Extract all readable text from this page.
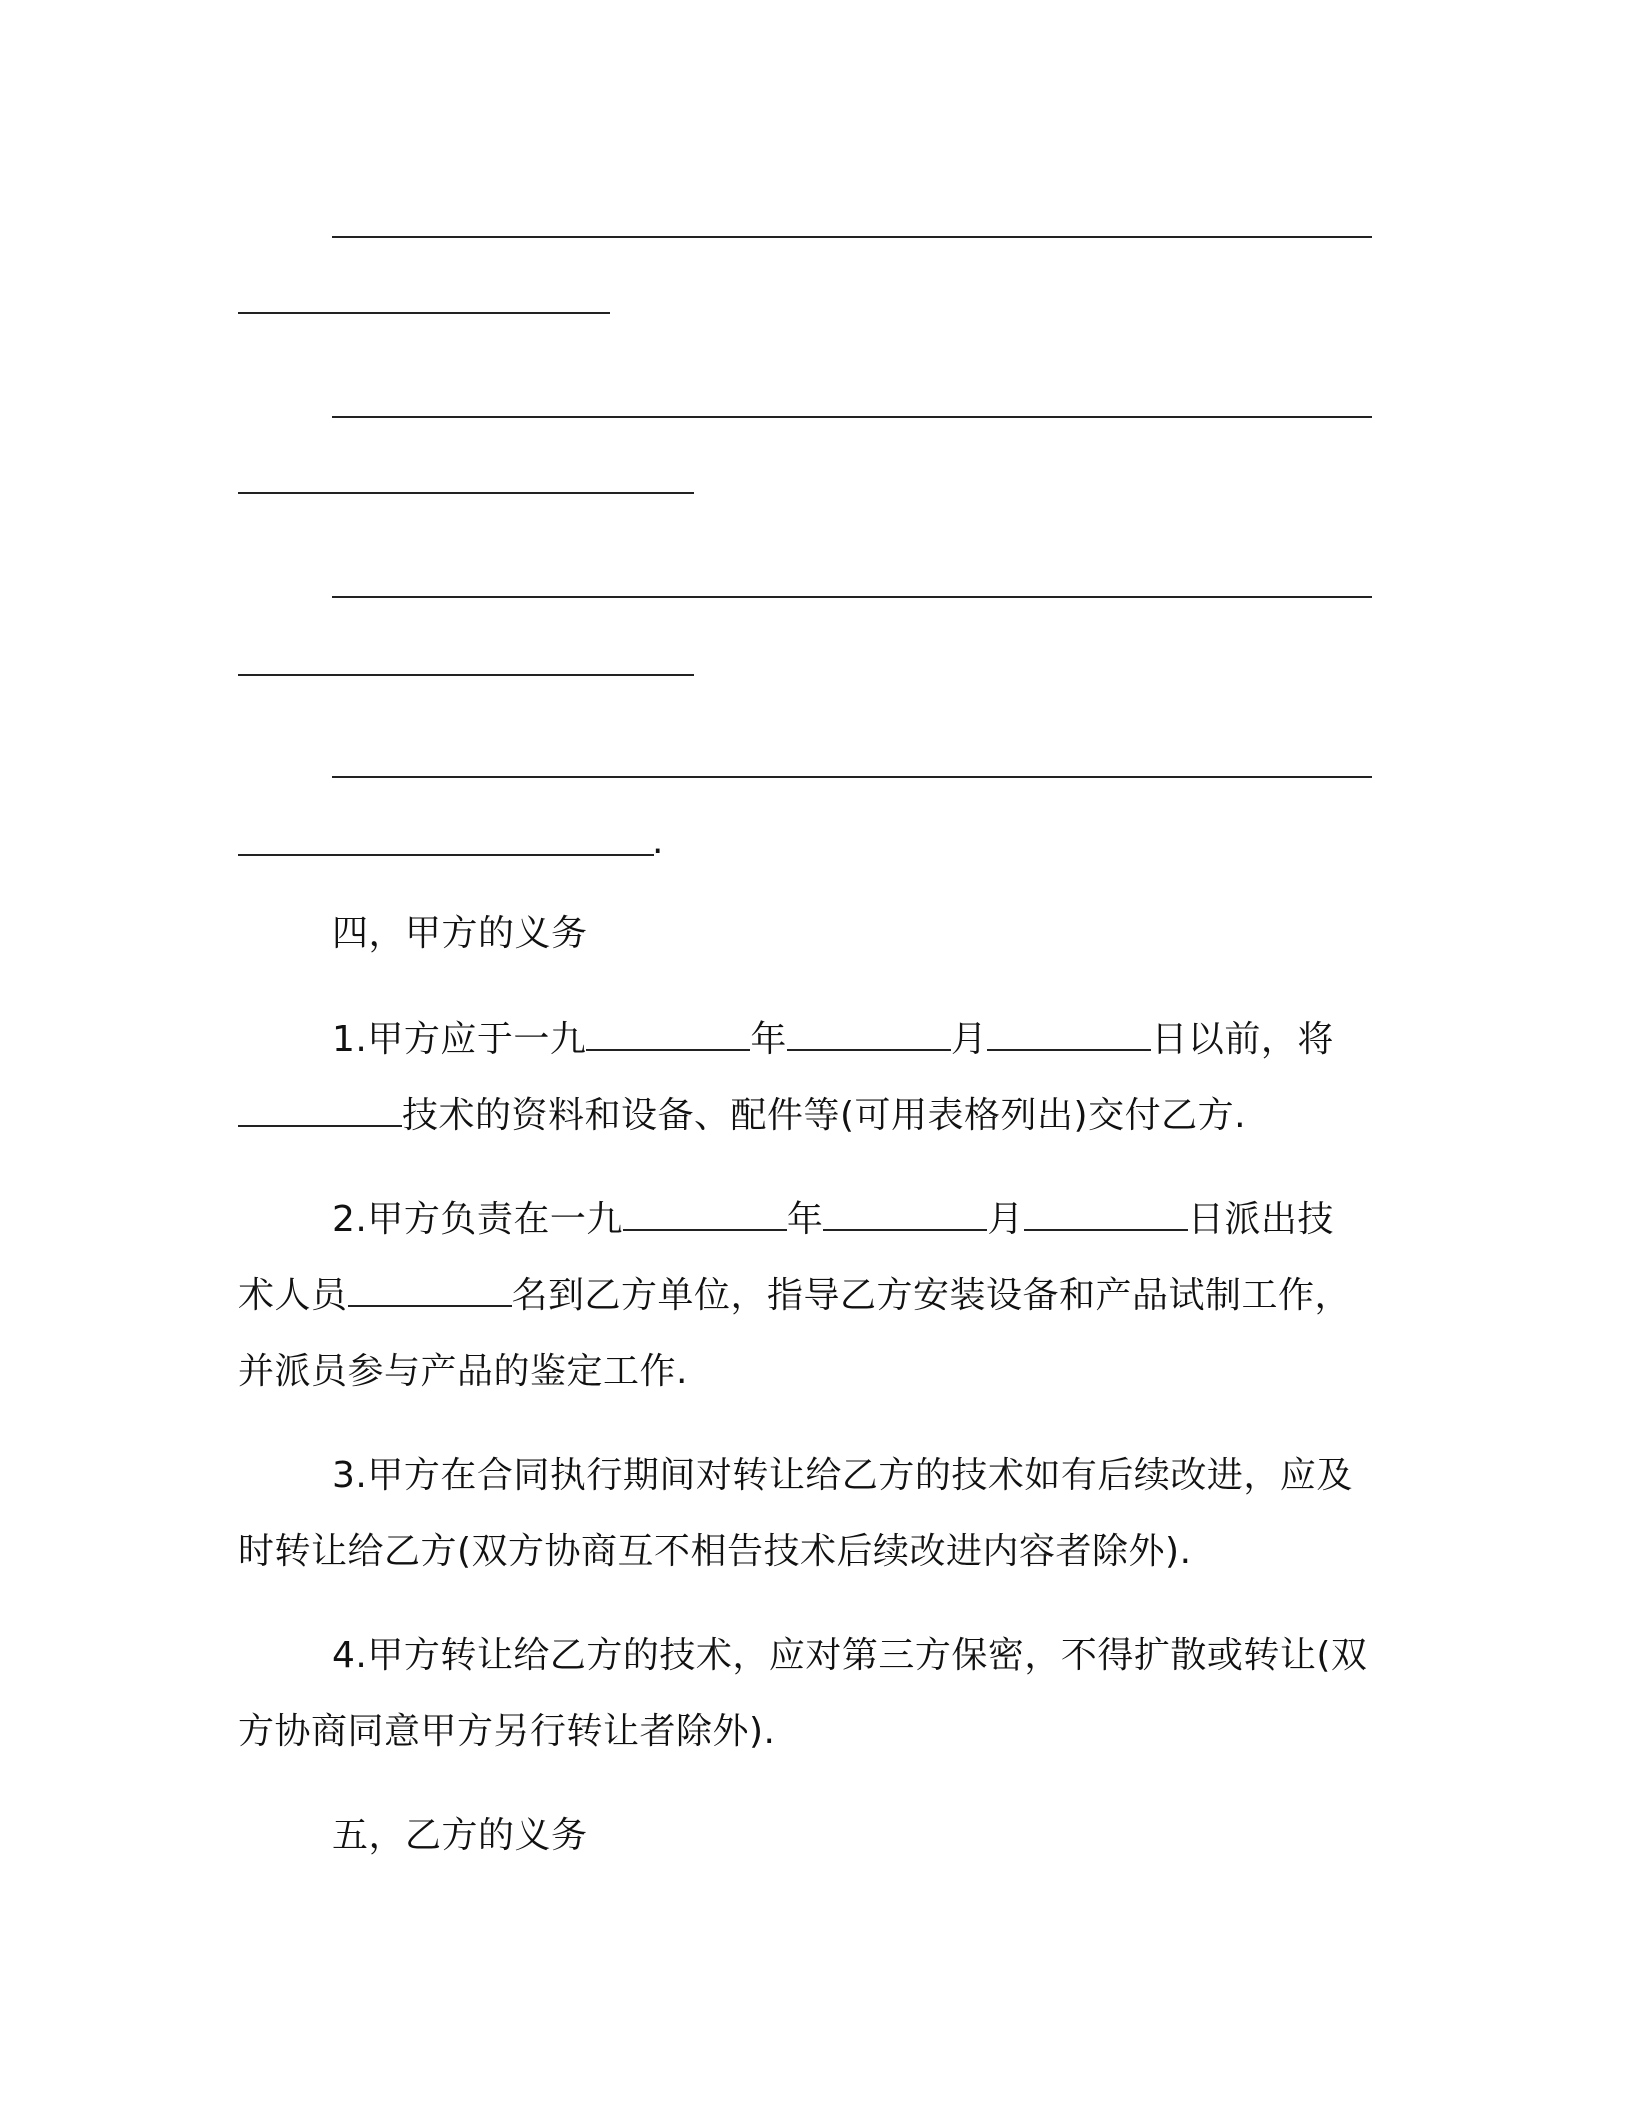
.
四，甲方的义务
1.甲方应于一九	年	月	日以前，将
技术的资料和设备、配件等(可用表格列出)交付乙方.
2.甲方负责在一九	年	月	日派出技
术人员	名到乙方单位，指导乙方安装设备和产品试制工作，
并派员参与产品的鉴定工作.
3.甲方在合同执行期间对转让给乙方的技术如有后续改进，应及
时转让给乙方(双方协商互不相告技术后续改进内容者除外).
4.甲方转让给乙方的技术，应对第三方保密，不得扩散或转让(双
方协商同意甲方另行转让者除外).
五，乙方的义务
